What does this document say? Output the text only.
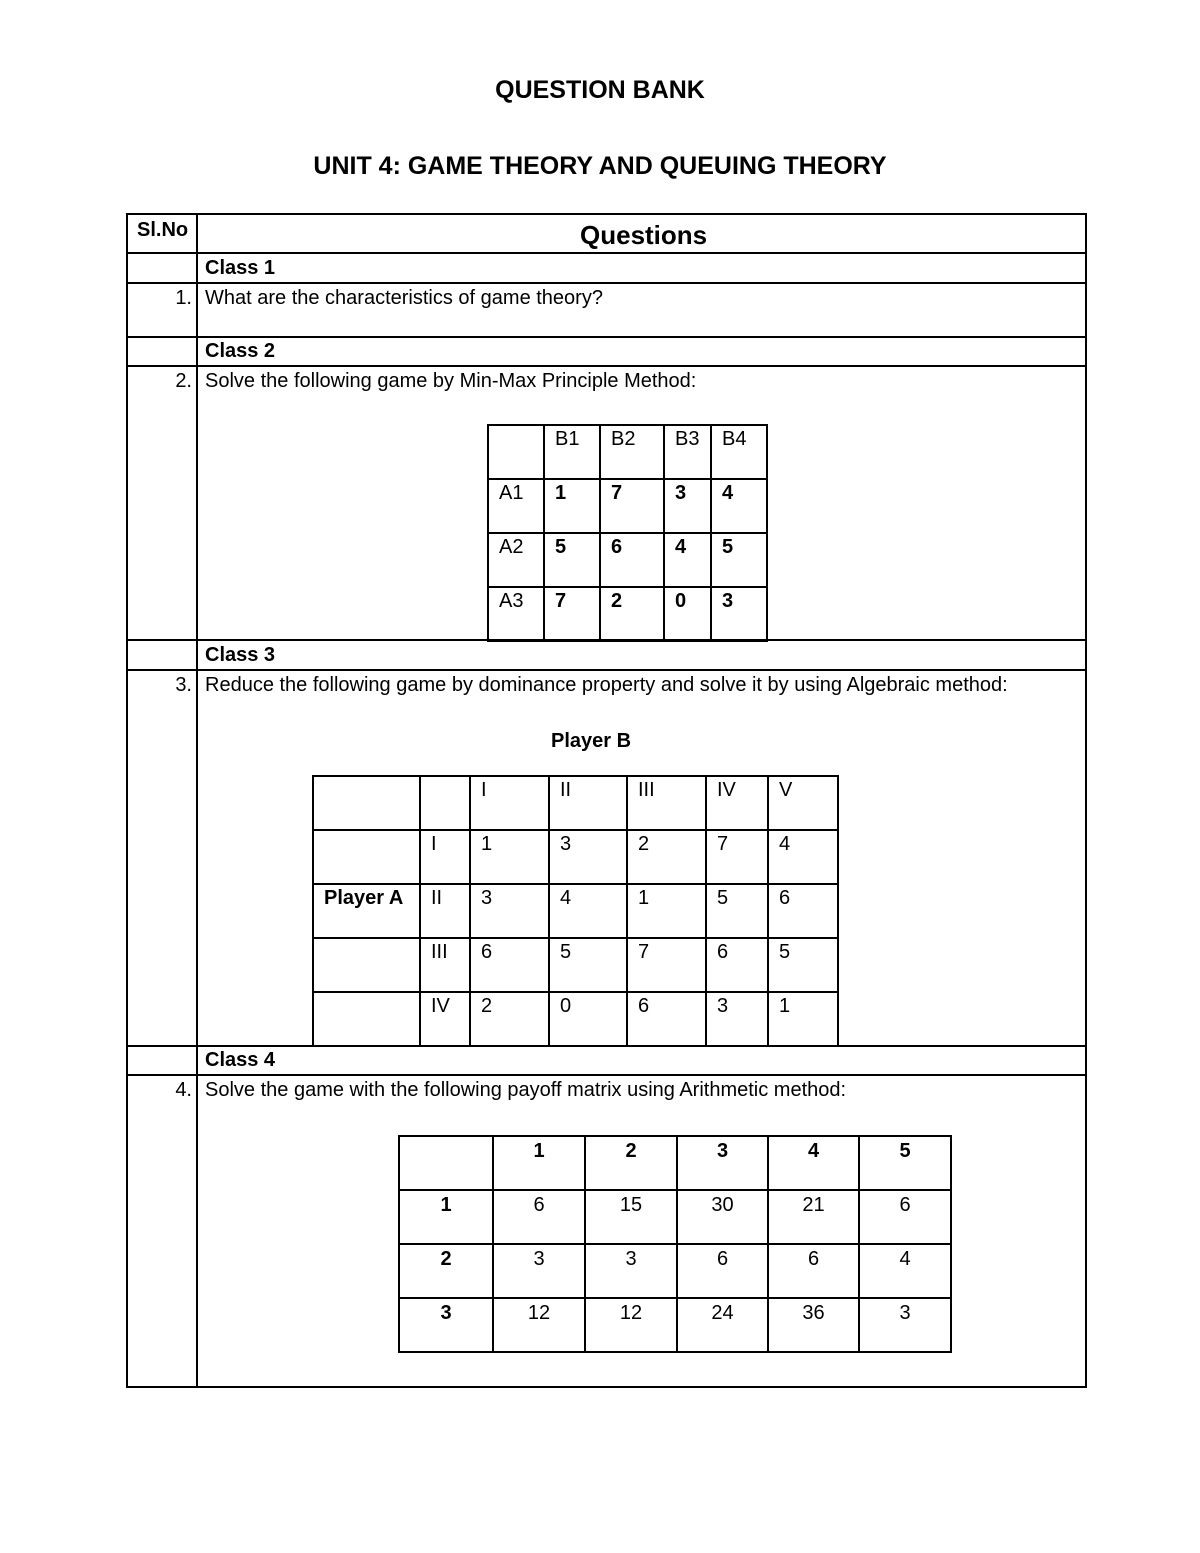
QUESTION BANK
UNIT 4: GAME THEORY AND QUEUING THEORY
Sl.No	Questions
Class 1
1. What are the characteristics of game theory?
Class 2
2. Solve the following game by Min-Max Principle Method:
	B1	B2	B3	B4
A1	1	7	3	4
A2	5	6	4	5
A3	7	2	0	3
Class 3
3. Reduce the following game by dominance property and solve it by using Algebraic method:
Player B
		I	II	III	IV	V
	I	1	3	2	7	4
Player A	II	3	4	1	5	6
	III	6	5	7	6	5
	IV	2	0	6	3	1
Class 4
4. Solve the game with the following payoff matrix using Arithmetic method:
	1	2	3	4	5
1	6	15	30	21	6
2	3	3	6	6	4
3	12	12	24	36	3
